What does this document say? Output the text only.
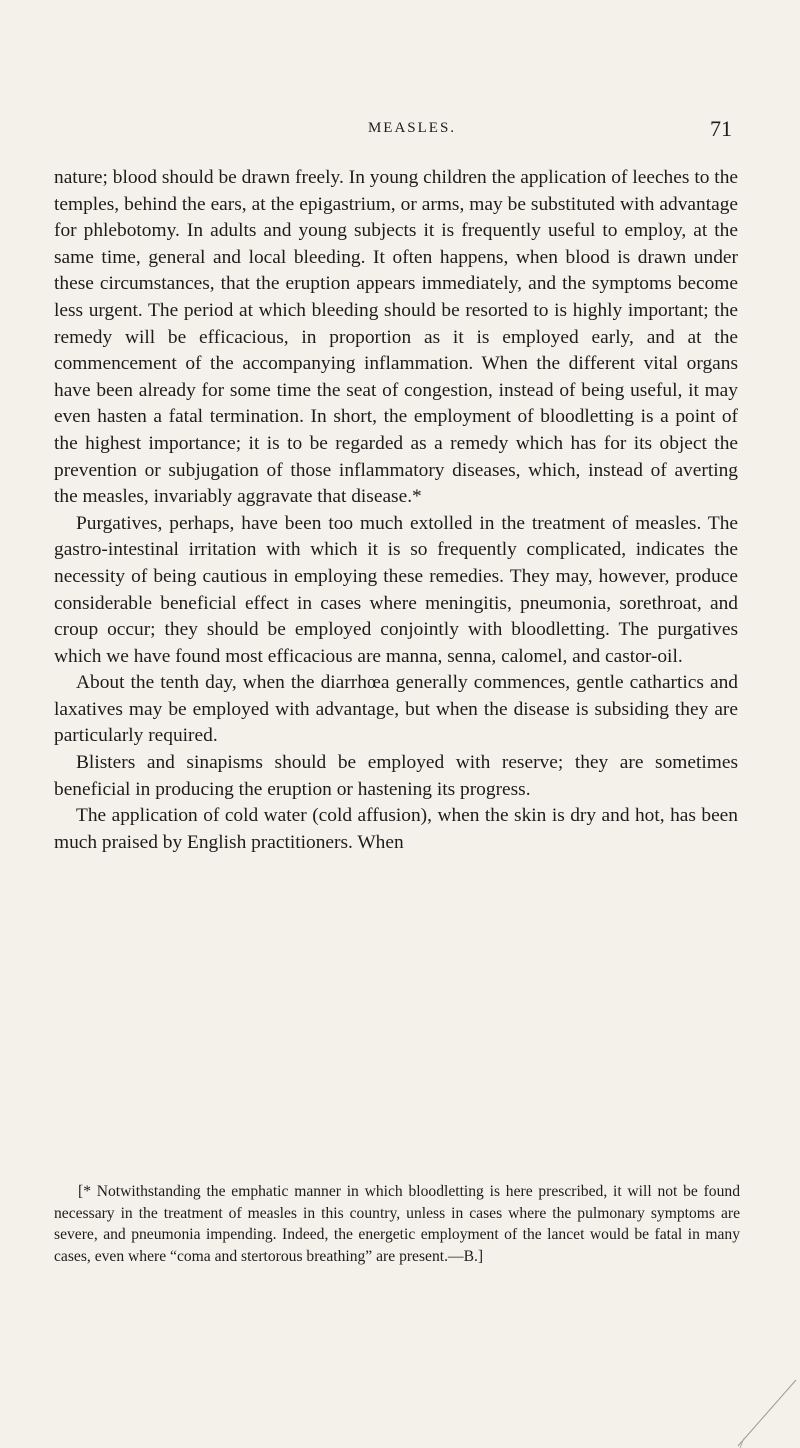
MEASLES.	71

nature; blood should be drawn freely. In young children the application of leeches to the temples, behind the ears, at the epigastrium, or arms, may be substituted with advantage for phlebotomy. In adults and young subjects it is frequently useful to employ, at the same time, general and local bleeding. It often happens, when blood is drawn under these circumstances, that the eruption appears immediately, and the symptoms become less urgent. The period at which bleeding should be resorted to is highly important; the remedy will be efficacious, in proportion as it is employed early, and at the commencement of the accompanying inflammation. When the different vital organs have been already for some time the seat of congestion, instead of being useful, it may even hasten a fatal termination. In short, the employment of bloodletting is a point of the highest importance; it is to be regarded as a remedy which has for its object the prevention or subjugation of those inflammatory diseases, which, instead of averting the measles, invariably aggravate that disease.*

Purgatives, perhaps, have been too much extolled in the treatment of measles. The gastro-intestinal irritation with which it is so frequently complicated, indicates the necessity of being cautious in employing these remedies. They may, however, produce considerable beneficial effect in cases where meningitis, pneumonia, sorethroat, and croup occur; they should be employed conjointly with bloodletting. The purgatives which we have found most efficacious are manna, senna, calomel, and castor-oil.

About the tenth day, when the diarrhœa generally commences, gentle cathartics and laxatives may be employed with advantage, but when the disease is subsiding they are particularly required.

Blisters and sinapisms should be employed with reserve; they are sometimes beneficial in producing the eruption or hastening its progress.

The application of cold water (cold affusion), when the skin is dry and hot, has been much praised by English practitioners. When

[* Notwithstanding the emphatic manner in which bloodletting is here prescribed, it will not be found necessary in the treatment of measles in this country, unless in cases where the pulmonary symptoms are severe, and pneumonia impending. Indeed, the energetic employment of the lancet would be fatal in many cases, even where “coma and stertorous breathing” are present.—B.]
